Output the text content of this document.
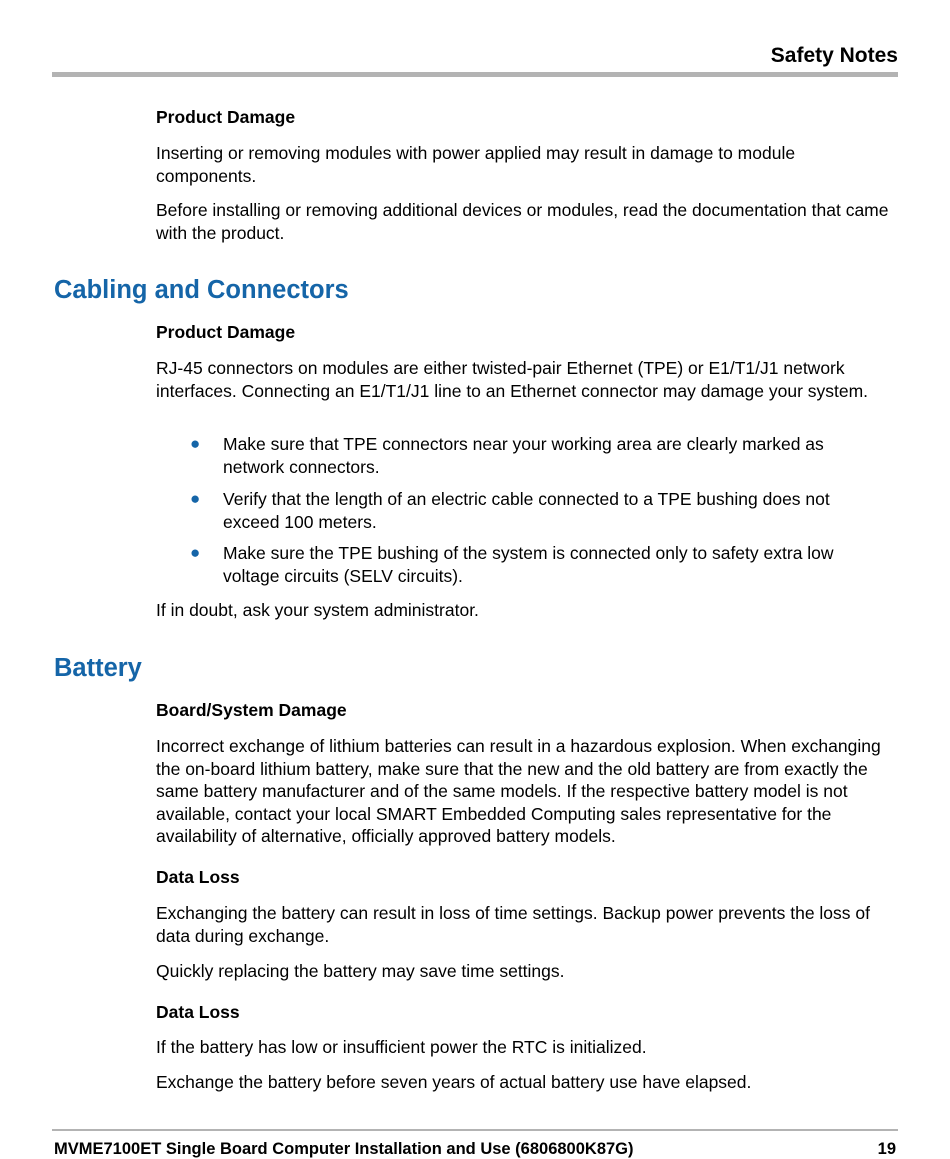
Safety Notes
Product Damage
Inserting or removing modules with power applied may result in damage to module components.
Before installing or removing additional devices or modules, read the documentation that came with the product.
Cabling and Connectors
Product Damage
RJ-45 connectors on modules are either twisted-pair Ethernet (TPE) or E1/T1/J1 network interfaces. Connecting an E1/T1/J1 line to an Ethernet connector may damage your system.
● Make sure that TPE connectors near your working area are clearly marked as network connectors.
● Verify that the length of an electric cable connected to a TPE bushing does not exceed 100 meters.
● Make sure the TPE bushing of the system is connected only to safety extra low voltage circuits (SELV circuits).
If in doubt, ask your system administrator.
Battery
Board/System Damage
Incorrect exchange of lithium batteries can result in a hazardous explosion. When exchanging the on-board lithium battery, make sure that the new and the old battery are from exactly the same battery manufacturer and of the same models. If the respective battery model is not available, contact your local SMART Embedded Computing sales representative for the availability of alternative, officially approved battery models.
Data Loss
Exchanging the battery can result in loss of time settings. Backup power prevents the loss of data during exchange.
Quickly replacing the battery may save time settings.
Data Loss
If the battery has low or insufficient power the RTC is initialized.
Exchange the battery before seven years of actual battery use have elapsed.
MVME7100ET Single Board Computer Installation and Use (6806800K87G)	19
